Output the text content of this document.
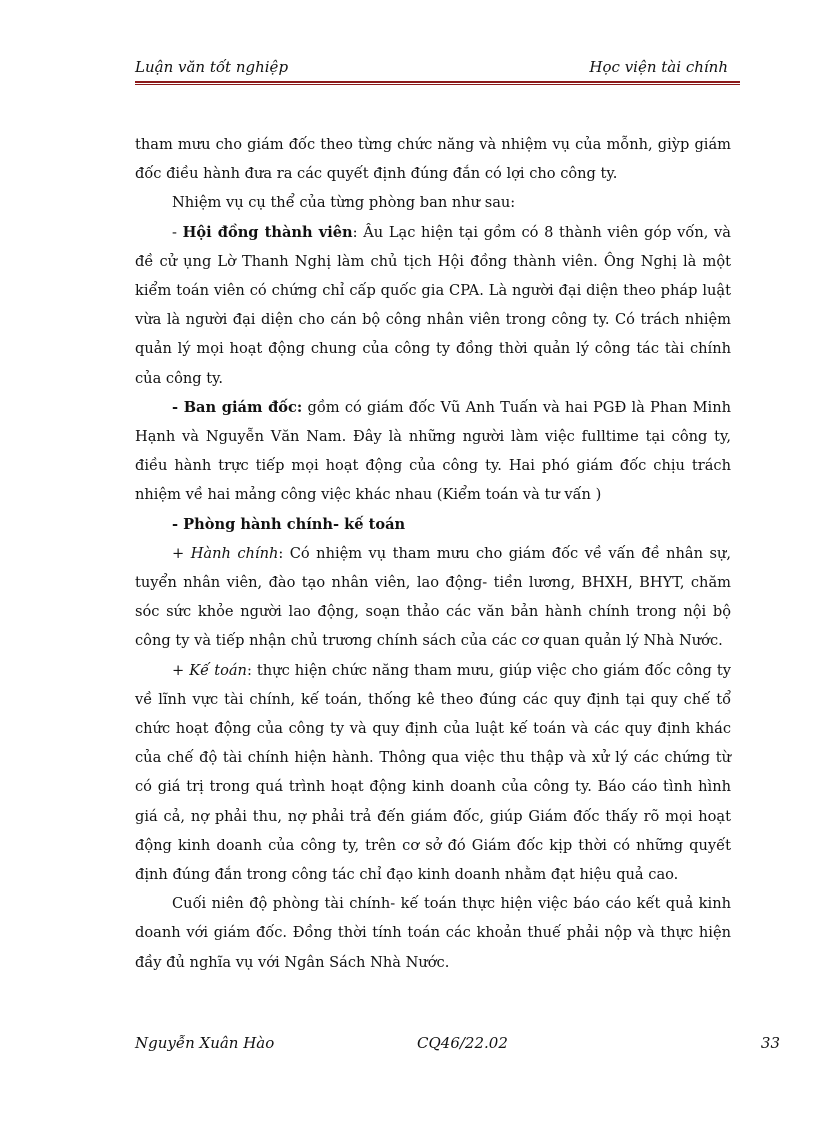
Luận văn tốt nghiệp	Học viện tài chính

tham mưu cho giám đốc theo từng chức năng và nhiệm vụ của mỗnh, giỳp giám đốc điều hành đưa ra các quyết định đúng đắn có lợi cho công ty.

Nhiệm vụ cụ thể của từng phòng ban như sau:

- Hội đồng thành viên: Âu Lạc hiện tại gồm có 8 thành viên góp vốn, và đề cử ụng Lờ Thanh Nghị làm chủ tịch Hội đồng thành viên. Ông Nghị là một kiểm toán viên có chứng chỉ cấp quốc gia CPA. Là người đại diện theo pháp luật vừa là người đại diện cho cán bộ công nhân viên trong công ty. Có trách nhiệm quản lý mọi hoạt động chung của công ty đồng thời quản lý công tác tài chính của công ty.

- Ban giám đốc: gồm có giám đốc Vũ Anh Tuấn và hai PGĐ là Phan Minh Hạnh và Nguyễn Văn Nam. Đây là những người làm việc fulltime tại công ty, điều hành trực tiếp mọi hoạt động của công ty. Hai phó giám đốc chịu trách nhiệm về hai mảng công việc khác nhau (Kiểm toán và tư vấn )

- Phòng hành chính- kế toán

+ Hành chính: Có nhiệm vụ tham mưu cho giám đốc về vấn đề nhân sự, tuyển nhân viên, đào tạo nhân viên, lao động- tiền lương, BHXH, BHYT, chăm sóc sức khỏe người lao động, soạn thảo các văn bản hành chính trong nội bộ công ty và tiếp nhận chủ trương chính sách của các cơ quan quản lý Nhà Nước.

+ Kế toán: thực hiện chức năng tham mưu, giúp việc cho giám đốc công ty về lĩnh vực tài chính, kế toán, thống kê theo đúng các quy định tại quy chế tổ chức hoạt động của công ty và quy định của luật kế toán và các quy định khác của chế độ tài chính hiện hành. Thông qua việc thu thập và xử lý các chứng từ có giá trị trong quá trình hoạt động kinh doanh của công ty. Báo cáo tình hình giá cả, nợ phải thu, nợ phải trả đến giám đốc, giúp Giám đốc thấy rõ mọi hoạt động kinh doanh của công ty, trên cơ sở đó Giám đốc kịp thời có những quyết định đúng đắn trong công tác chỉ đạo kinh doanh nhằm đạt hiệu quả cao.

Cuối niên độ phòng tài chính- kế toán thực hiện việc báo cáo kết quả kinh doanh với giám đốc. Đồng thời tính toán các khoản thuế phải nộp và thực hiện đầy đủ nghĩa vụ với Ngân Sách Nhà Nước.

Nguyễn Xuân Hào	CQ46/22.02	33
